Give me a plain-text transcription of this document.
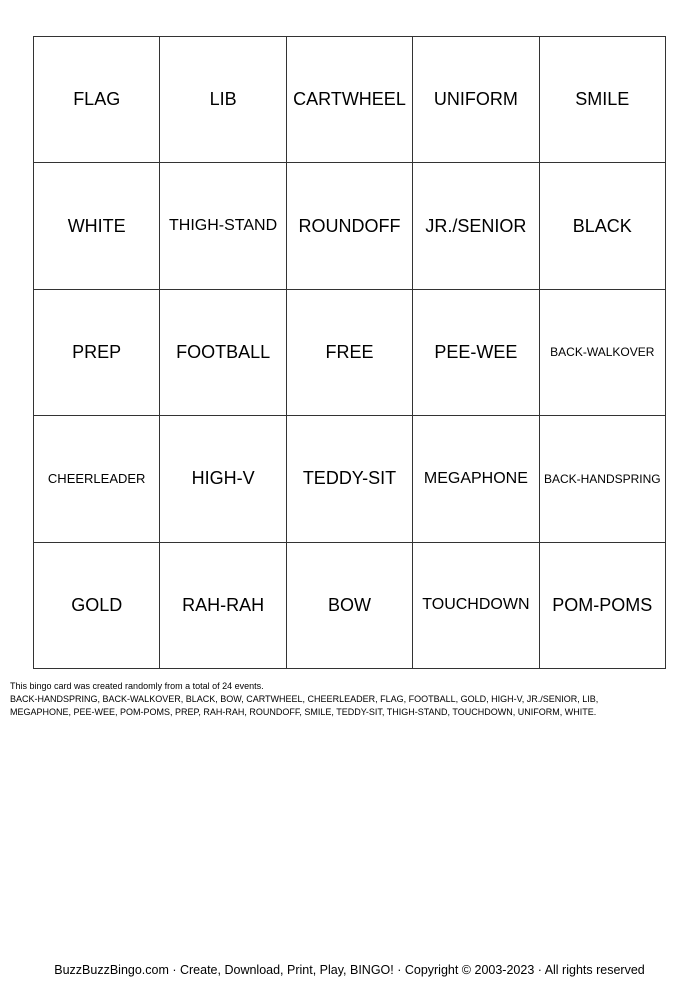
FLAG	LIB	CARTWHEEL	UNIFORM	SMILE
WHITE	THIGH-STAND	ROUNDOFF	JR./SENIOR	BLACK
PREP	FOOTBALL	FREE	PEE-WEE	BACK-WALKOVER
CHEERLEADER	HIGH-V	TEDDY-SIT	MEGAPHONE	BACK-HANDSPRING
GOLD	RAH-RAH	BOW	TOUCHDOWN	POM-POMS
This bingo card was created randomly from a total of 24 events.
BACK-HANDSPRING, BACK-WALKOVER, BLACK, BOW, CARTWHEEL, CHEERLEADER, FLAG, FOOTBALL, GOLD, HIGH-V, JR./SENIOR, LIB,
MEGAPHONE, PEE-WEE, POM-POMS, PREP, RAH-RAH, ROUNDOFF, SMILE, TEDDY-SIT, THIGH-STAND, TOUCHDOWN, UNIFORM, WHITE.
BuzzBuzzBingo.com · Create, Download, Print, Play, BINGO! · Copyright © 2003-2023 · All rights reserved
